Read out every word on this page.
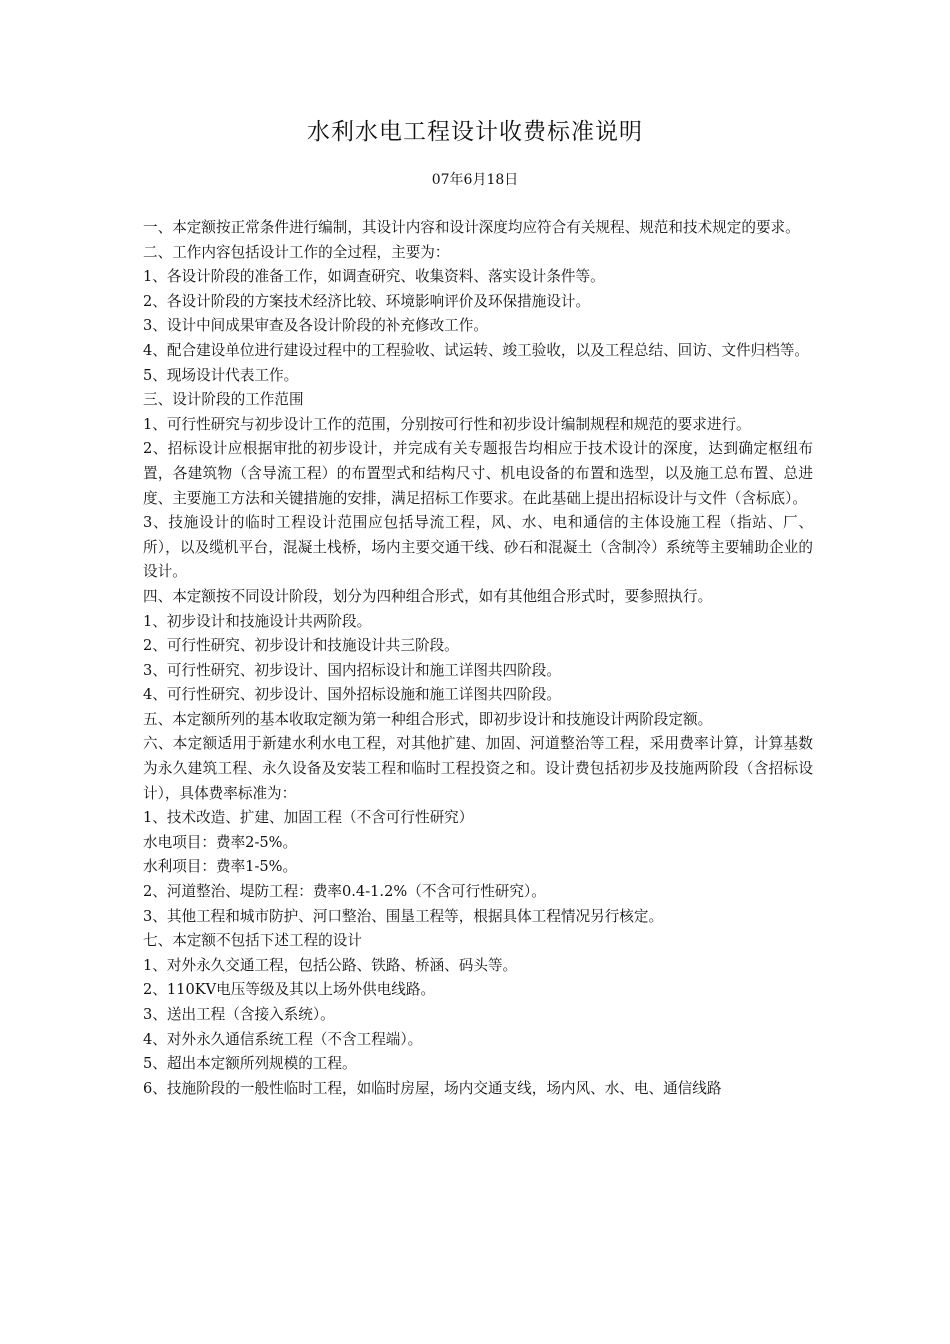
水利水电工程设计收费标准说明
07年6月18日

一、本定额按正常条件进行编制，其设计内容和设计深度均应符合有关规程、规范和技术规定的要求。

二、工作内容包括设计工作的全过程，主要为：

1、各设计阶段的准备工作，如调查研究、收集资料、落实设计条件等。

2、各设计阶段的方案技术经济比较、环境影响评价及环保措施设计。

3、设计中间成果审查及各设计阶段的补充修改工作。

4、配合建设单位进行建设过程中的工程验收、试运转、竣工验收，以及工程总结、回访、文件归档等。

5、现场设计代表工作。

三、设计阶段的工作范围

1、可行性研究与初步设计工作的范围，分别按可行性和初步设计编制规程和规范的要求进行。

2、招标设计应根据审批的初步设计，并完成有关专题报告均相应于技术设计的深度，达到确定枢纽布置，各建筑物（含导流工程）的布置型式和结构尺寸、机电设备的布置和选型，以及施工总布置、总进度、主要施工方法和关键措施的安排，满足招标工作要求。在此基础上提出招标设计与文件（含标底）。

3、技施设计的临时工程设计范围应包括导流工程，风、水、电和通信的主体设施工程（指站、厂、所），以及缆机平台，混凝土栈桥，场内主要交通干线、砂石和混凝土（含制冷）系统等主要辅助企业的设计。

四、本定额按不同设计阶段，划分为四种组合形式，如有其他组合形式时，要参照执行。

1、初步设计和技施设计共两阶段。

2、可行性研究、初步设计和技施设计共三阶段。

3、可行性研究、初步设计、国内招标设计和施工详图共四阶段。

4、可行性研究、初步设计、国外招标设施和施工详图共四阶段。

五、本定额所列的基本收取定额为第一种组合形式，即初步设计和技施设计两阶段定额。

六、本定额适用于新建水利水电工程，对其他扩建、加固、河道整治等工程，采用费率计算，计算基数为永久建筑工程、永久设备及安装工程和临时工程投资之和。设计费包括初步及技施两阶段（含招标设计），具体费率标准为：

1、技术改造、扩建、加固工程（不含可行性研究）

水电项目：费率2-5%。

水利项目：费率1-5%。

2、河道整治、堤防工程：费率0.4-1.2%（不含可行性研究）。

3、其他工程和城市防护、河口整治、围垦工程等，根据具体工程情况另行核定。

七、本定额不包括下述工程的设计

1、对外永久交通工程，包括公路、铁路、桥涵、码头等。

2、110KV电压等级及其以上场外供电线路。

3、送出工程（含接入系统）。

4、对外永久通信系统工程（不含工程端）。

5、超出本定额所列规模的工程。

6、技施阶段的一般性临时工程，如临时房屋，场内交通支线，场内风、水、电、通信线路
